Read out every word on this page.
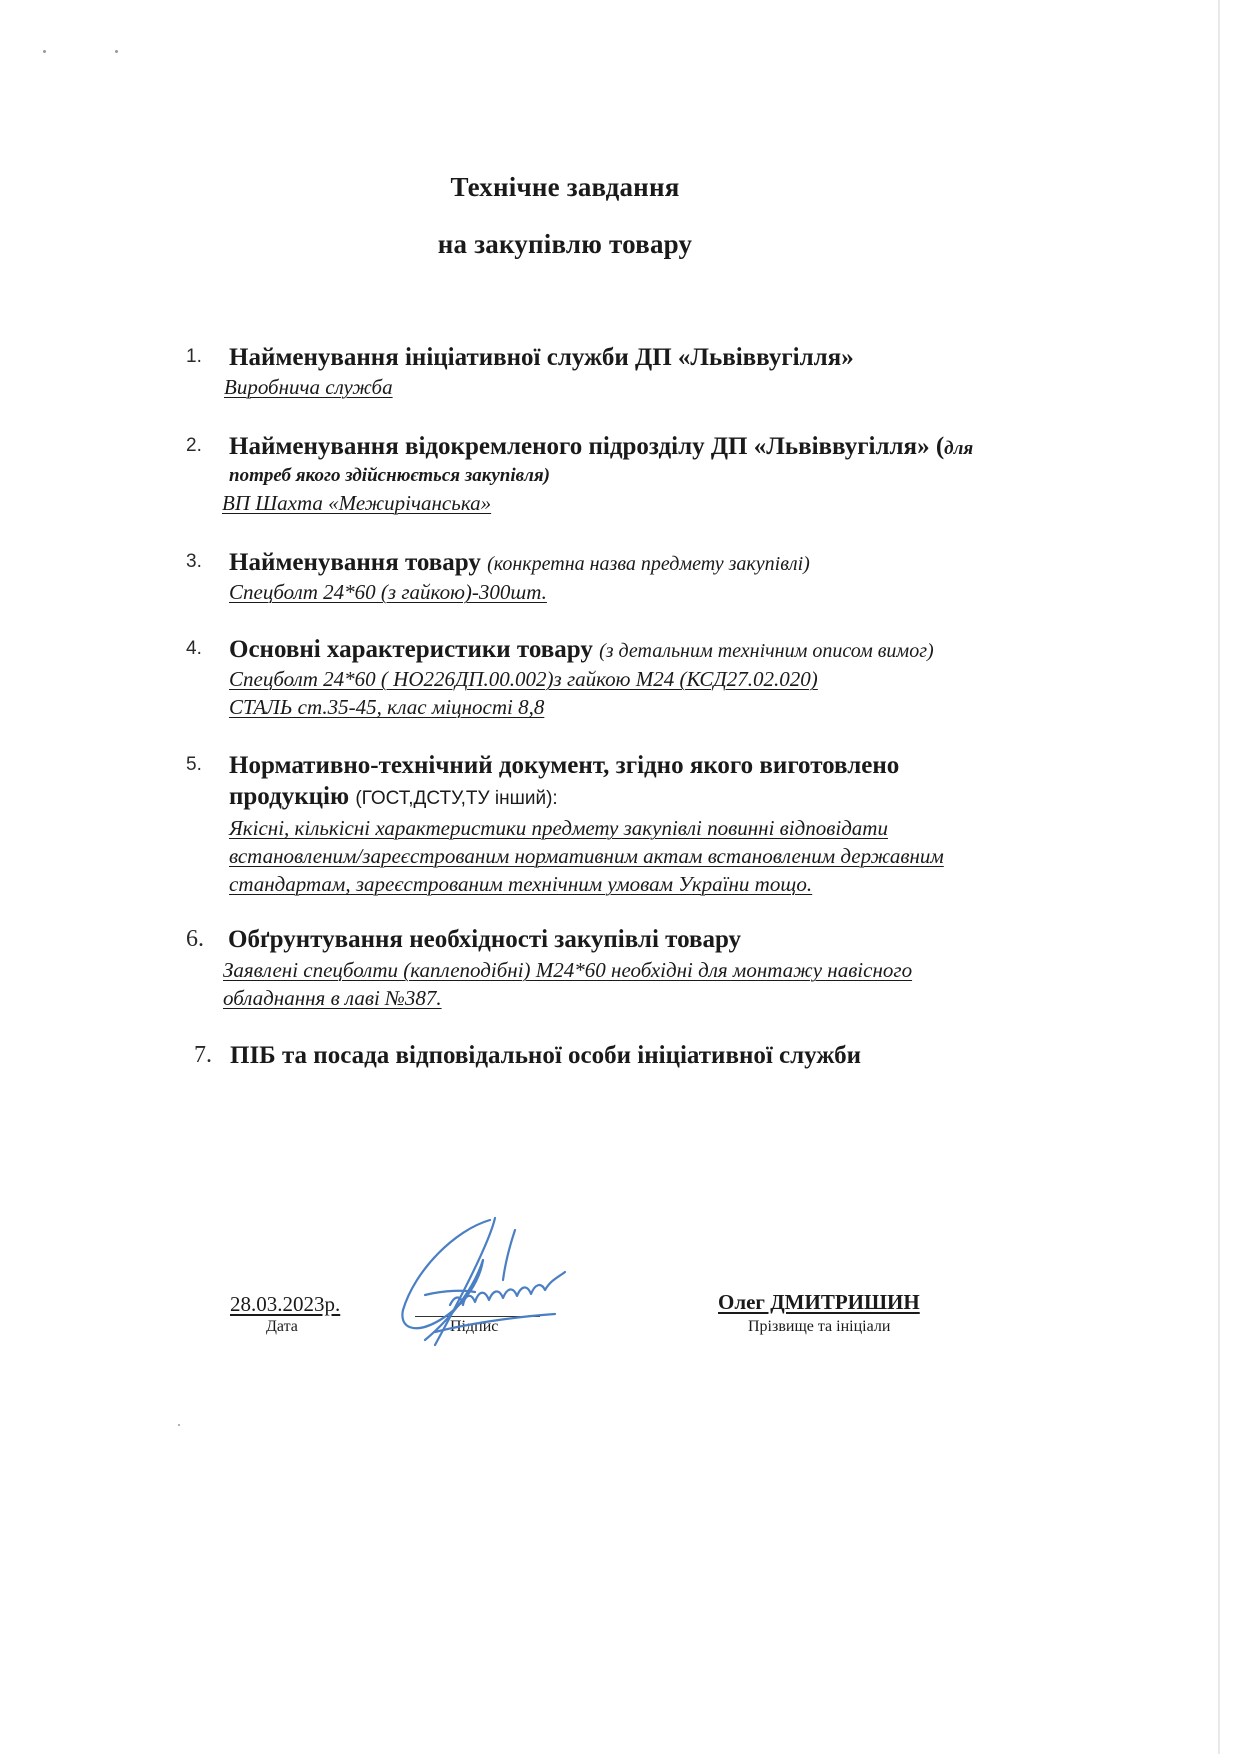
Технічне завдання
на закупівлю товару
1. Найменування ініціативної служби ДП «Львіввугілля»
Виробнича служба
2. Найменування відокремленого підрозділу ДП «Львіввугілля» (для
потреб якого здійснюється закупівля)
ВП Шахта «Межирічанська»
3. Найменування товару (конкретна назва предмету закупівлі)
Спецболт 24*60 (з гайкою)-300шт.
4. Основні характеристики товару (з детальним технічним описом вимог)
Спецболт 24*60 ( НО226ДП.00.002)з гайкою М24 (КСД27.02.020)
СТАЛЬ ст.35-45, клас міцності 8,8
5. Нормативно-технічний документ, згідно якого виготовлено
продукцію (ГОСТ,ДСТУ,ТУ інший):
Якісні, кількісні характеристики предмету закупівлі повинні відповідати
встановленим/зареєстрованим нормативним актам встановленим державним
стандартам, зареєстрованим технічним умовам України тощо.
6. Обґрунтування необхідності закупівлі товару
Заявлені спецболти (каплеподібні) М24*60 необхідні для монтажу навісного
обладнання в лаві №387.
7. ПІБ та посада відповідальної особи ініціативної служби
28.03.2023р.
Дата	Підпис
Олег ДМИТРИШИН
Прізвище та ініціали
